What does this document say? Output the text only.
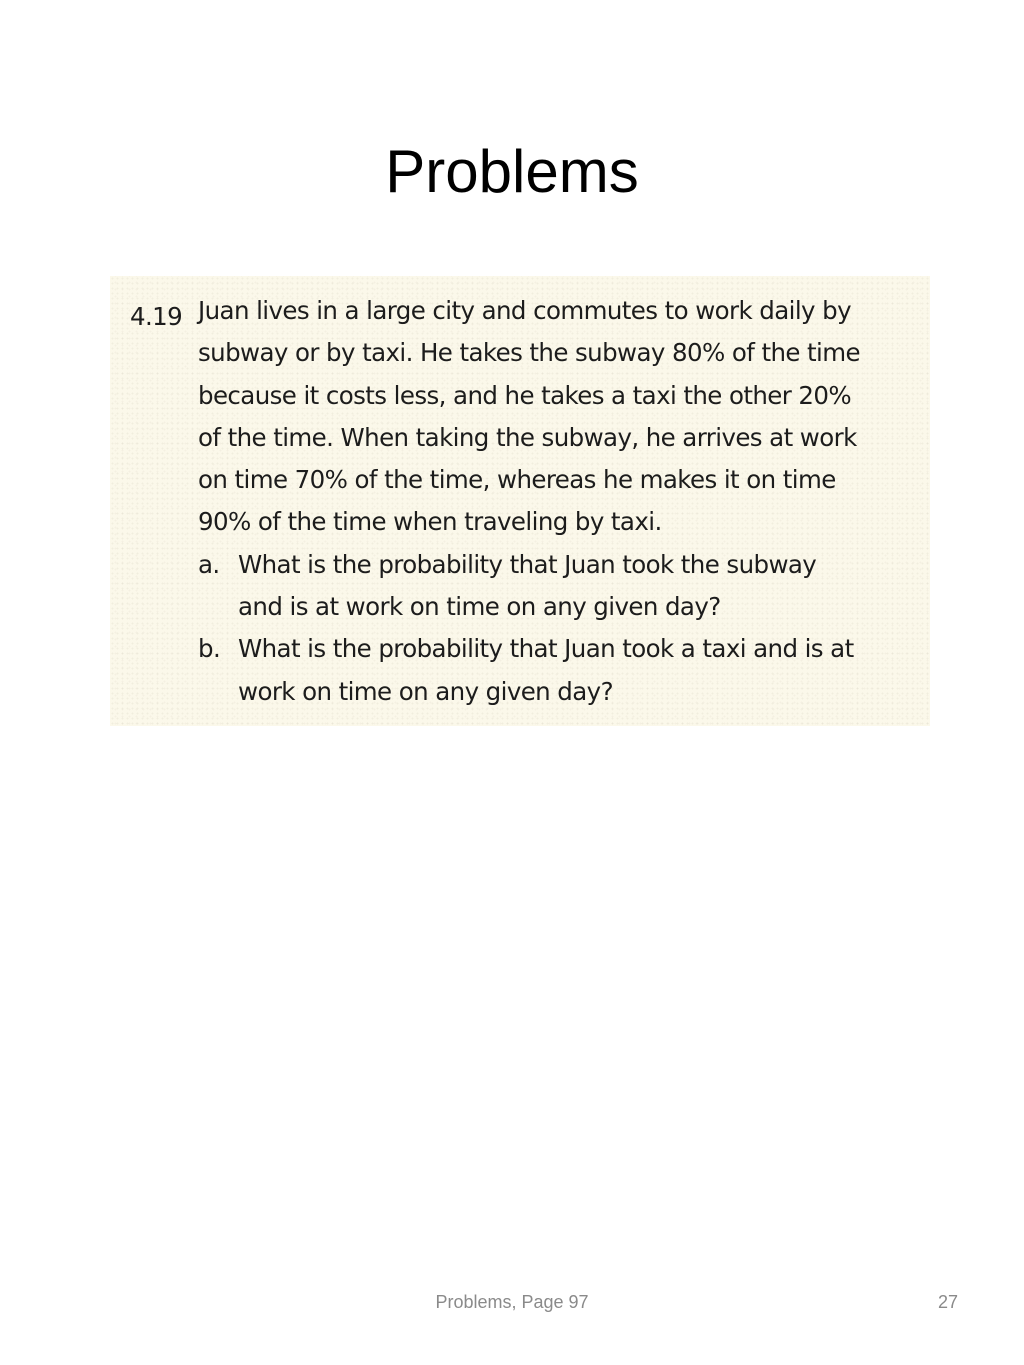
Problems
4.19 Juan lives in a large city and commutes to work daily by
subway or by taxi. He takes the subway 80% of the time
because it costs less, and he takes a taxi the other 20%
of the time. When taking the subway, he arrives at work
on time 70% of the time, whereas he makes it on time
90% of the time when traveling by taxi.
a. What is the probability that Juan took the subway
and is at work on time on any given day?
b. What is the probability that Juan took a taxi and is at
work on time on any given day?
Problems, Page 97	27
